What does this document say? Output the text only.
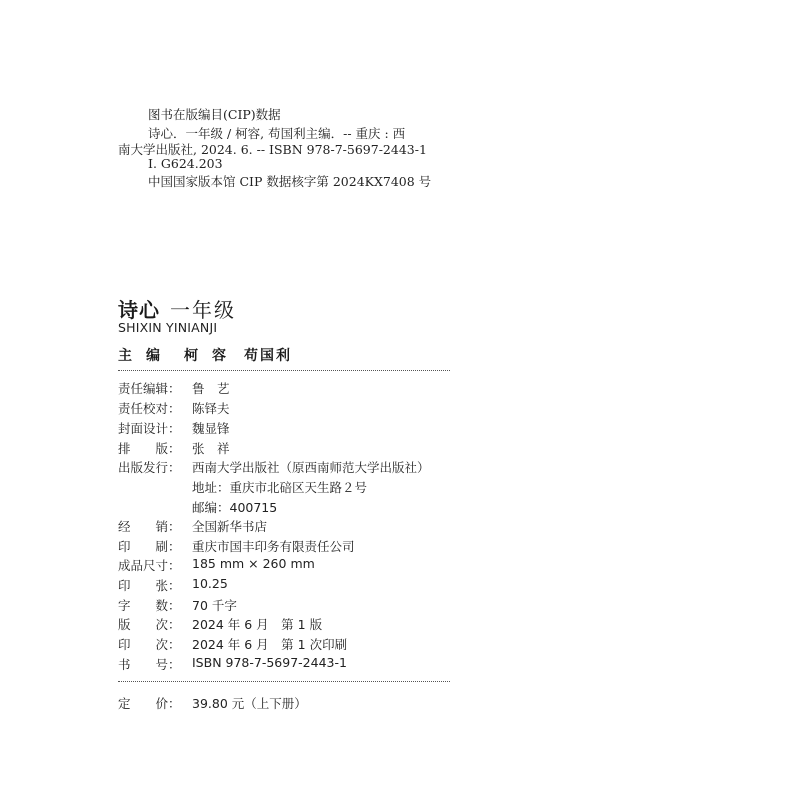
图书在版编目(CIP)数据
诗心．一年级 / 柯容, 苟国利主编．-- 重庆 : 西
南大学出版社, 2024. 6. -- ISBN 978-7-5697-2443-1
Ⅰ. G624.203
中国国家版本馆 CIP 数据核字第 2024KX7408 号
诗心 一年级
SHIXIN YINIANJI
主编 柯容 苟国利
责任编辑： 鲁　艺
责任校对： 陈铎夫
封面设计： 魏显锋
排　　版： 张　祥
出版发行： 西南大学出版社（原西南师范大学出版社）
地址：重庆市北碚区天生路２号
邮编：400715
经　　销： 全国新华书店
印　　刷： 重庆市国丰印务有限责任公司
成品尺寸： 185 mm × 260 mm
印　　张： 10.25
字　　数： 70 千字
版　　次： 2024 年 6 月　第 1 版
印　　次： 2024 年 6 月　第 1 次印刷
书　　号： ISBN 978-7-5697-2443-1
定　　价： 39.80 元（上下册）
